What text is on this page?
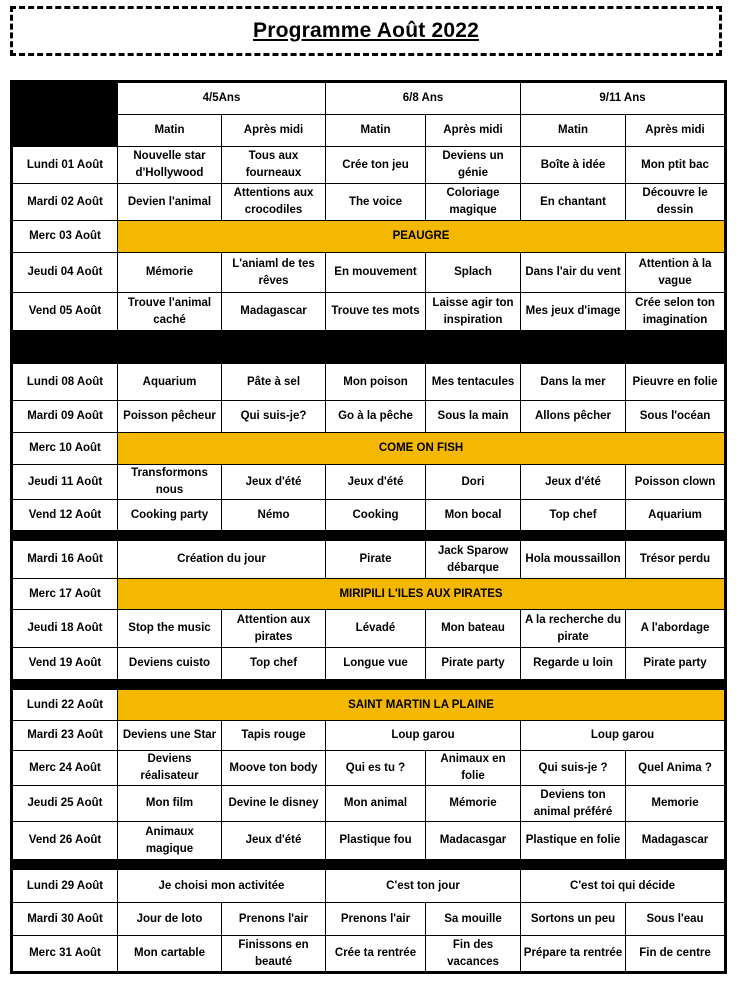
Programme Août 2022
	4/5Ans		6/8 Ans		9/11 Ans	
	Matin	Après midi	Matin	Après midi	Matin	Après midi
Lundi 01 Août	Nouvelle star d'Hollywood	Tous aux fourneaux	Crée ton jeu	Deviens un génie	Boîte à idée	Mon ptit bac
Mardi 02 Août	Devien l'animal	Attentions aux crocodiles	The voice	Coloriage magique	En chantant	Découvre le dessin
Merc 03 Août	PEAUGRE					
Jeudi 04 Août	Mémorie	L'aniaml de tes rêves	En mouvement	Splach	Dans l'air du vent	Attention à la vague
Vend 05 Août	Trouve l'animal caché	Madagascar	Trouve tes mots	Laisse agir ton inspiration	Mes jeux d'image	Crée selon ton imagination

Lundi 08 Août	Aquarium	Pâte à sel	Mon poison	Mes tentacules	Dans la mer	Pieuvre en folie
Mardi 09 Août	Poisson pêcheur	Qui suis-je?	Go à la pêche	Sous la main	Allons pêcher	Sous l'océan
Merc 10 Août	COME ON FISH					
Jeudi 11 Août	Transformons nous	Jeux d'été	Jeux d'été	Dori	Jeux d'été	Poisson clown
Vend 12 Août	Cooking party	Némo	Cooking	Mon bocal	Top chef	Aquarium

Mardi 16 Août	Création du jour		Pirate	Jack Sparow débarque	Hola moussaillon	Trésor perdu
Merc 17 Août	MIRIPILI L'ILES AUX PIRATES					
Jeudi 18 Août	Stop the music	Attention aux pirates	Lévadé	Mon bateau	A la recherche du pirate	A l'abordage
Vend 19 Août	Deviens cuisto	Top chef	Longue vue	Pirate party	Regarde u loin	Pirate party

Lundi 22 Août	SAINT MARTIN LA PLAINE					
Mardi 23 Août	Deviens une Star	Tapis rouge	Loup garou		Loup garou	
Merc 24 Août	Deviens réalisateur	Moove ton body	Qui es tu ?	Animaux en folie	Qui suis-je ?	Quel Anima ?
Jeudi 25 Août	Mon film	Devine le disney	Mon animal	Mémorie	Deviens ton animal préféré	Memorie
Vend 26 Août	Animaux magique	Jeux d'été	Plastique fou	Madacasgar	Plastique en folie	Madagascar

Lundi 29 Août	Je choisi mon activitée		C'est ton jour		C'est toi qui décide	
Mardi 30 Août	Jour de loto	Prenons l'air	Prenons l'air	Sa mouille	Sortons un peu	Sous l'eau
Merc 31 Août	Mon cartable	Finissons en beauté	Crée ta rentrée	Fin des vacances	Prépare ta rentrée	Fin de centre
